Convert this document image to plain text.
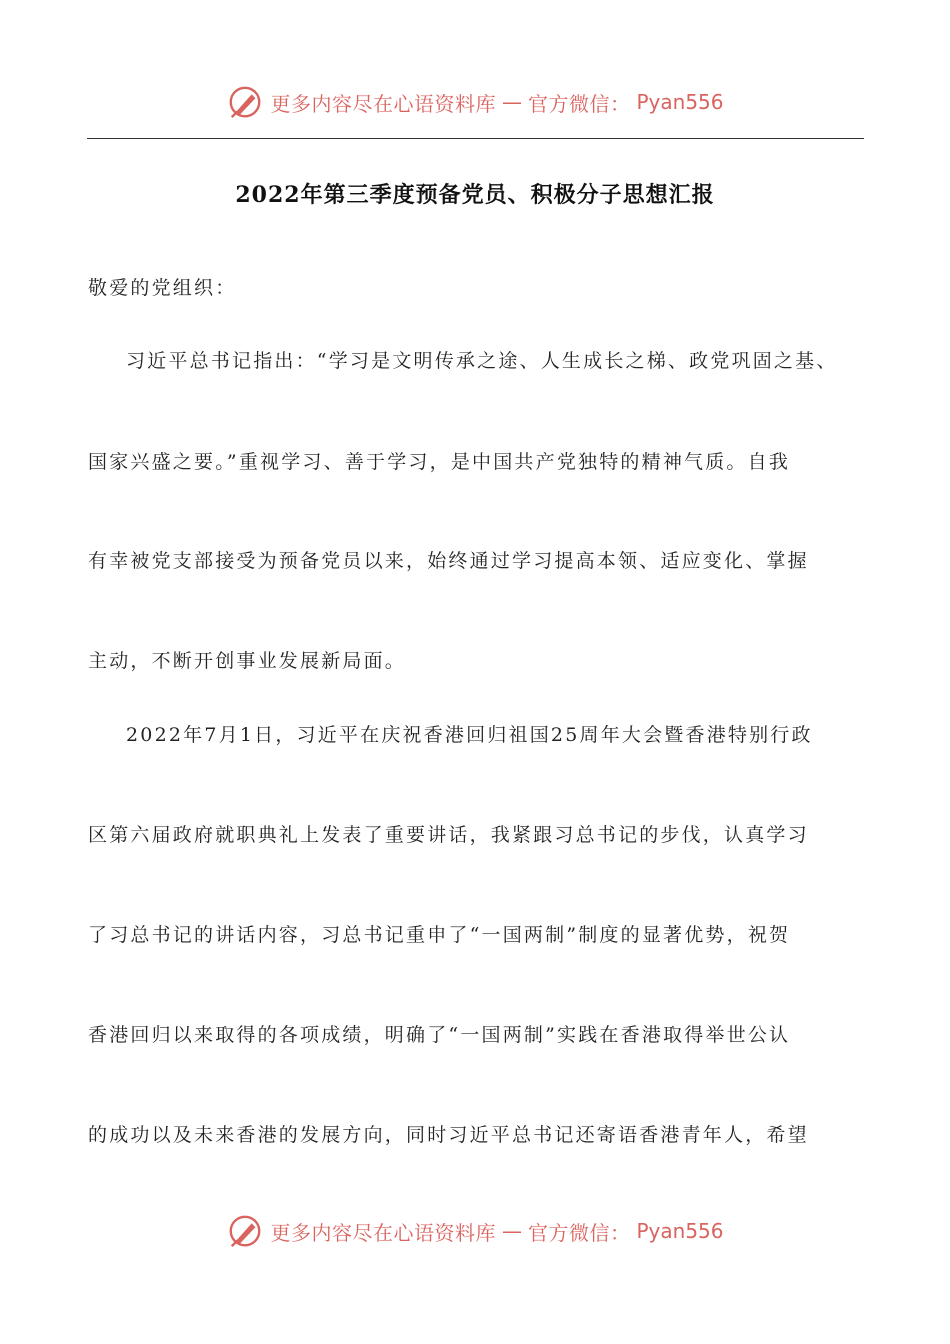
更多内容尽在心语资料库 — 官方微信： Pyan556
2022年第三季度预备党员、积极分子思想汇报
敬爱的党组织：
习近平总书记指出：“学习是文明传承之途、人生成长之梯、政党巩固之基、
国家兴盛之要。”重视学习、善于学习，是中国共产党独特的精神气质。自我
有幸被党支部接受为预备党员以来，始终通过学习提高本领、适应变化、掌握
主动，不断开创事业发展新局面。
2022年7月1日，习近平在庆祝香港回归祖国25周年大会暨香港特别行政
区第六届政府就职典礼上发表了重要讲话，我紧跟习总书记的步伐，认真学习
了习总书记的讲话内容，习总书记重申了“一国两制”制度的显著优势，祝贺
香港回归以来取得的各项成绩，明确了“一国两制”实践在香港取得举世公认
的成功以及未来香港的发展方向，同时习近平总书记还寄语香港青年人，希望
更多内容尽在心语资料库 — 官方微信： Pyan556
